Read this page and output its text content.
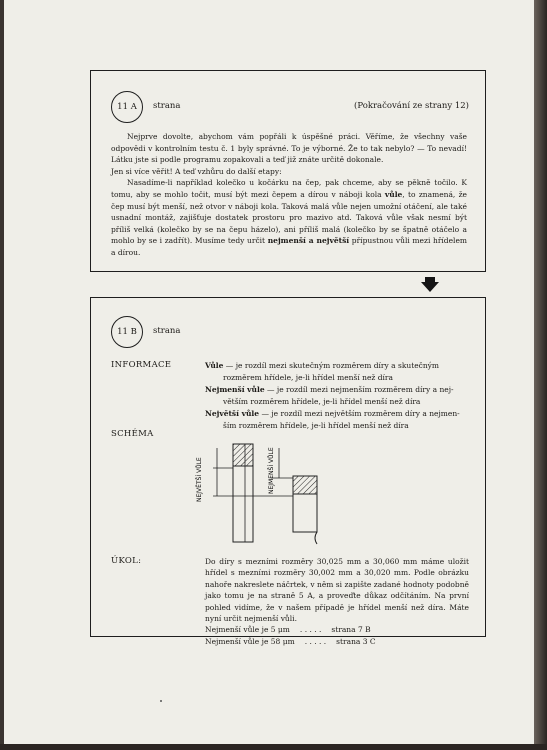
11 A	strana	(Pokračování ze strany 12)

Nejprve dovolte, abychom vám popřáli k úspěšné práci. Věříme, že všechny vaše odpovědi v kontrolním testu č. 1 byly správné. To je výborné. Že to tak nebylo? — To nevadí! Látku jste si podle programu zopakovali a teď již znáte určitě dokonale.

Jen si více věřit! A teď vzhůru do další etapy:

Nasadíme-li například kolečko u kočárku na čep, pak chceme, aby se pěkně točilo. K tomu, aby se mohlo točit, musí být mezi čepem a dírou v náboji kola vůle, to znamená, že čep musí být menší, než otvor v náboji kola. Taková malá vůle nejen umožní otáčení, ale také usnadní montáž, zajišťuje dostatek prostoru pro mazivo atd. Taková vůle však nesmí být příliš velká (kolečko by se na čepu házelo), ani příliš malá (kolečko by se špatně otáčelo a mohlo by se i zadřít). Musíme tedy určit nejmenší a největší přípustnou vůli mezi hřídelem a dírou.

11 B	strana
INFORMACE	Vůle — je rozdíl mezi skutečným rozměrem díry a skutečným
rozměrem hřídele, je-li hřídel menší než díra
Nejmenší vůle — je rozdíl mezi nejmenším rozměrem díry a nej-
větším rozměrem hřídele, je-li hřídel menší než díra
Největší vůle — je rozdíl mezi největším rozměrem díry a nejmen-
ším rozměrem hřídele, je-li hřídel menší než díra
SCHÉMA
NEJVĚTŠÍ VŮLE	NEJMENŠÍ VŮLE
ÚKOL:	Do díry s mezními rozměry 30,025 mm a 30,060 mm máme uložit hřídel s mezními rozměry 30,002 mm a 30,020 mm. Podle obrázku nahoře nakreslete náčrtek, v něm si zapište zadané hodnoty podobně jako tomu je na straně 5 A, a proveďte důkaz odčítáním. Na první pohled vidíme, že v našem případě je hřídel menší než díra. Máte nyní určit nejmenší vůli.

Nejmenší vůle je 5 μm . . . . . strana 7 B
Nejmenší vůle je 58 μm . . . . . strana 3 C
